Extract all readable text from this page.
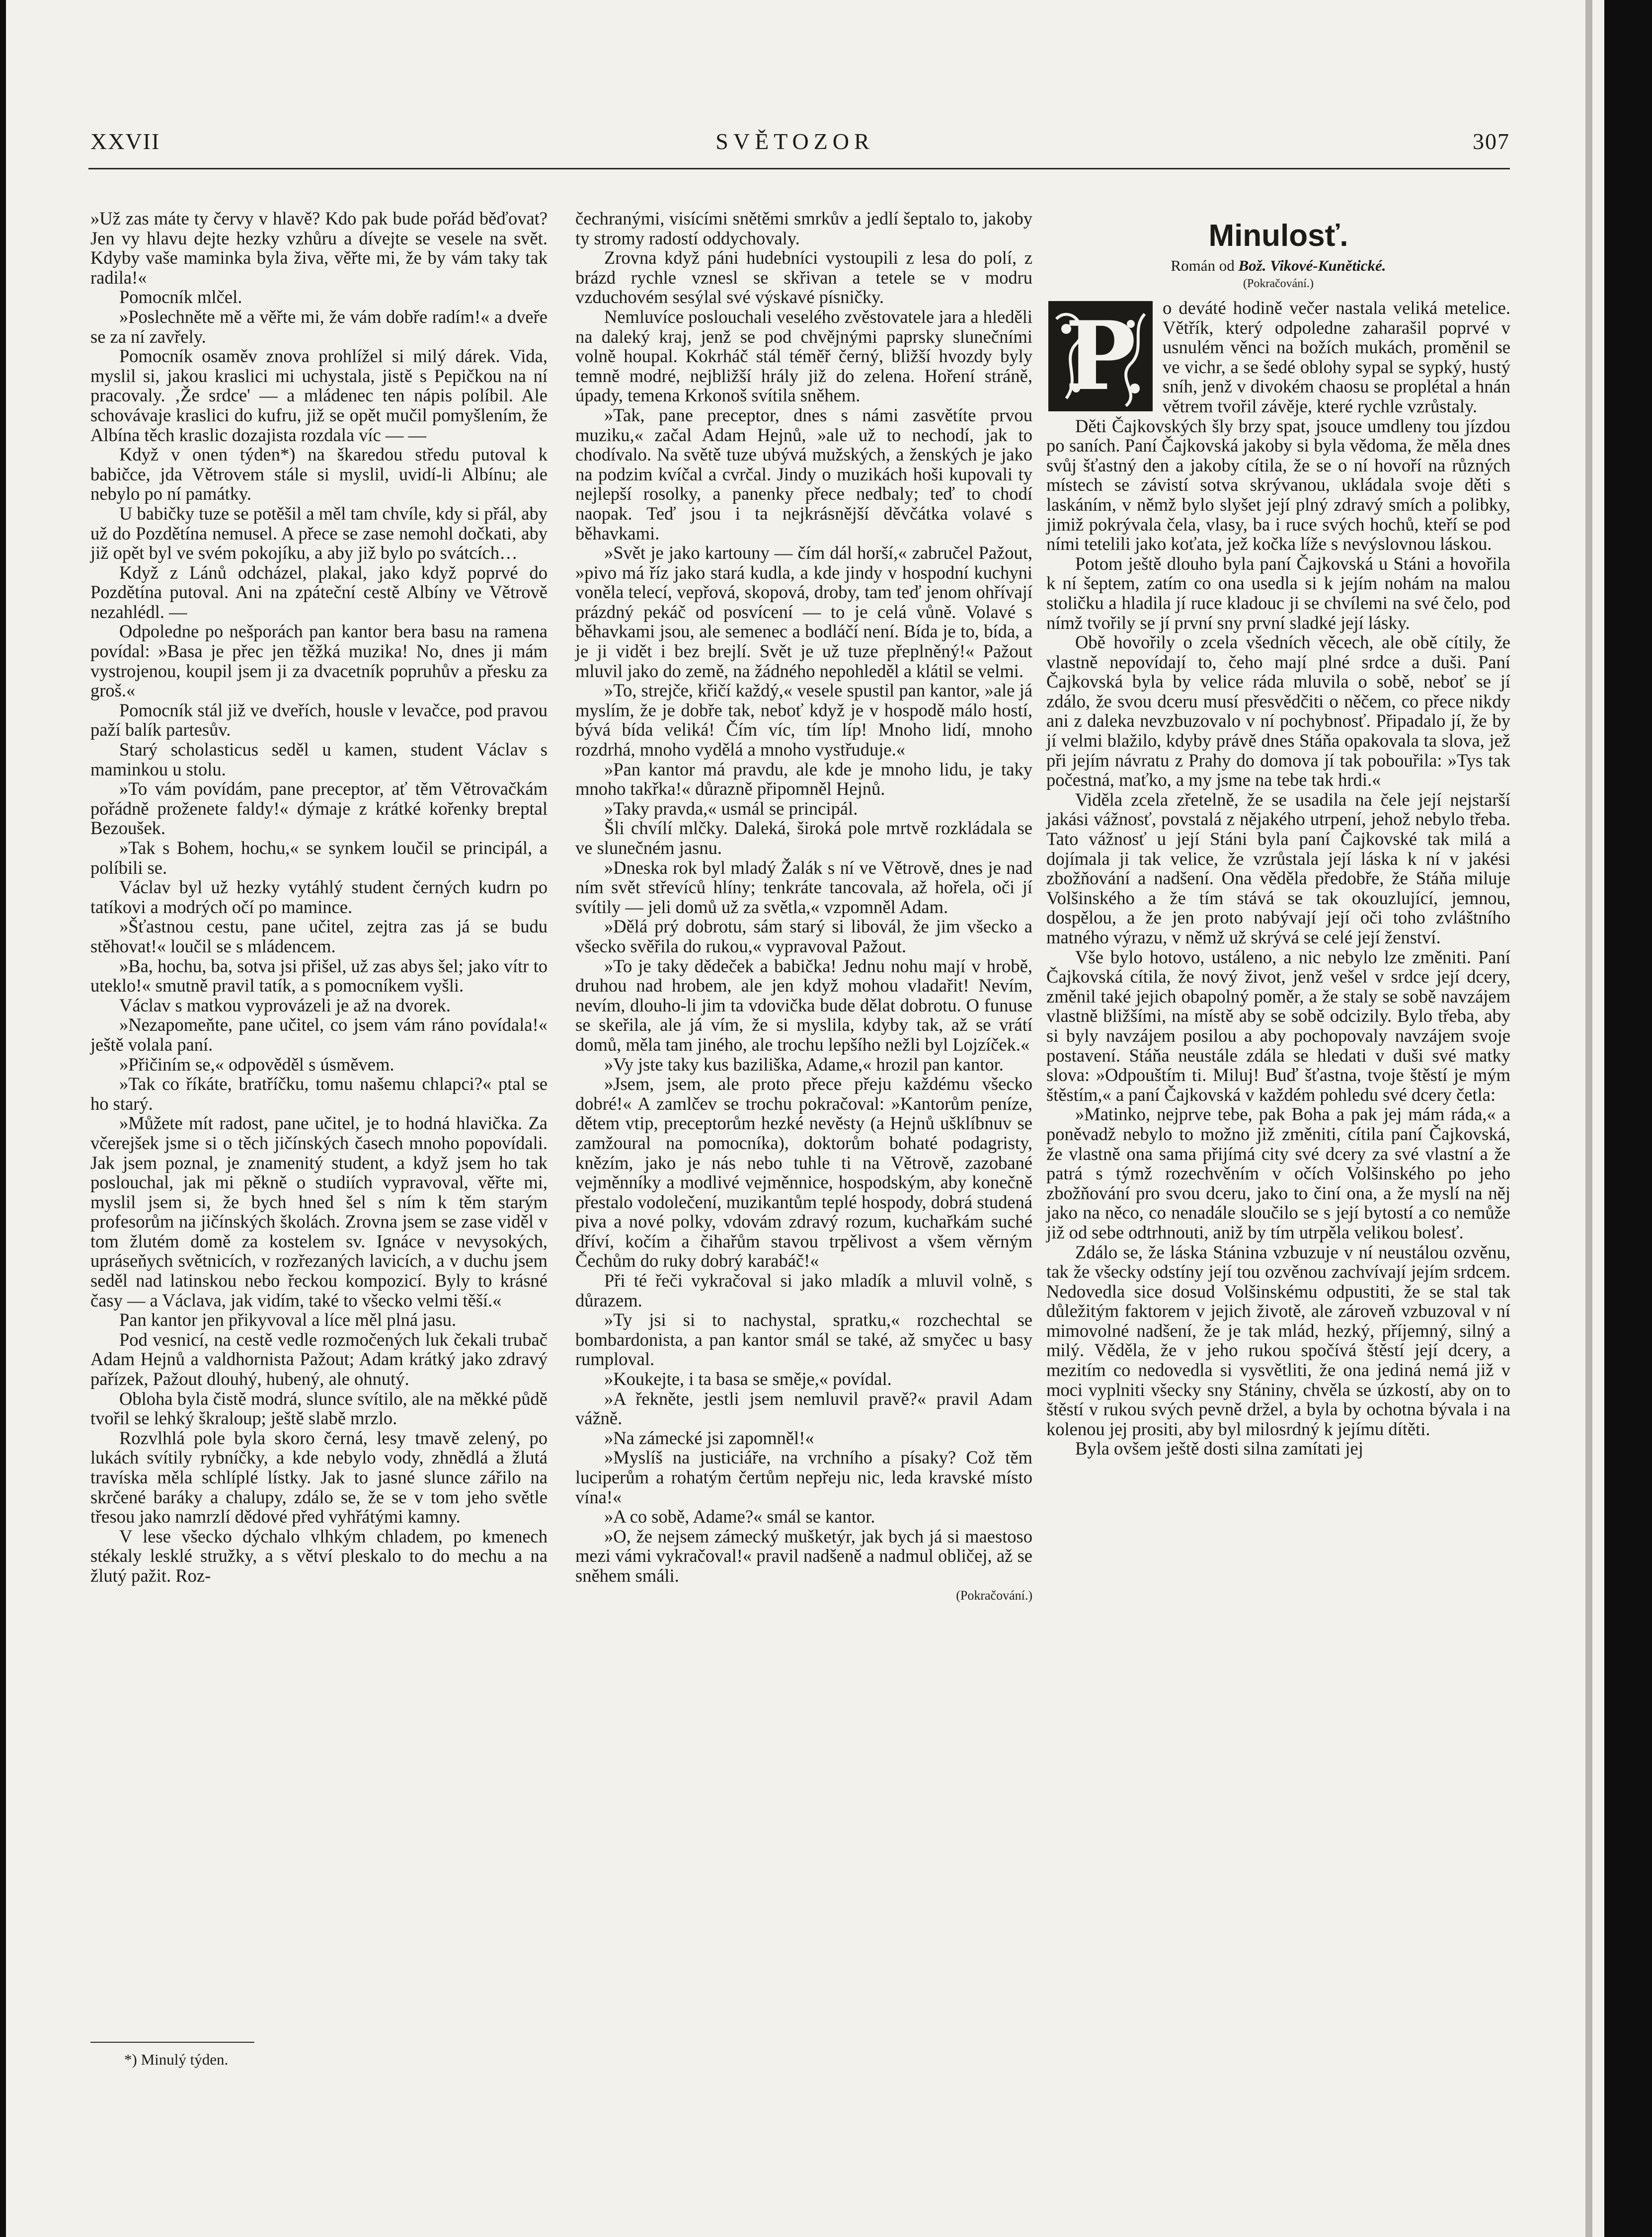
XXVII	SVĚTOZOR	307

»Už zas máte ty červy v hlavě? Kdo pak bude pořád běďovat? Jen vy hlavu dejte hezky vzhůru a dívejte se vesele na svět. Kdyby vaše maminka byla živa, věřte mi, že by vám taky tak radila!«

Pomocník mlčel.

»Poslechněte mě a věřte mi, že vám dobře radím!« a dveře se za ní zavřely.

Pomocník osaměv znova prohlížel si milý dárek. Vida, myslil si, jakou kraslici mi uchystala, jistě s Pepičkou na ní pracovaly. ‚Že srdce' — a mládenec ten nápis políbil. Ale schovávaje kraslici do kufru, již se opět mučil pomyšlením, že Albína těch kraslic dozajista rozdala víc — —

Když v onen týden*) na škaredou středu putoval k babičce, jda Větrovem stále si myslil, uvidí-li Albínu; ale nebylo po ní památky.

U babičky tuze se potěšil a měl tam chvíle, kdy si přál, aby už do Pozdětína nemusel. A přece se zase nemohl dočkati, aby již opět byl ve svém pokojíku, a aby již bylo po svátcích…

Když z Lánů odcházel, plakal, jako když poprvé do Pozdětína putoval. Ani na zpáteční cestě Albíny ve Větrově nezahlédl. —

Odpoledne po nešporách pan kantor bera basu na ramena povídal: »Basa je přec jen těžká muzika! No, dnes ji mám vystrojenou, koupil jsem ji za dvacetník popruhův a přesku za groš.«

Pomocník stál již ve dveřích, housle v levačce, pod pravou paží balík partesův.

Starý scholasticus seděl u kamen, student Václav s maminkou u stolu.

»To vám povídám, pane preceptor, ať těm Větrovačkám pořádně proženete faldy!« dýmaje z krátké kořenky breptal Bezoušek.

»Tak s Bohem, hochu,« se synkem loučil se principál, a políbili se.

Václav byl už hezky vytáhlý student černých kudrn po tatíkovi a modrých očí po mamince.

»Šťastnou cestu, pane učitel, zejtra zas já se budu stěhovat!« loučil se s mládencem.

»Ba, hochu, ba, sotva jsi přišel, už zas abys šel; jako vítr to uteklo!« smutně pravil tatík, a s pomocníkem vyšli.

Václav s matkou vyprovázeli je až na dvorek.

»Nezapomeňte, pane učitel, co jsem vám ráno povídala!« ještě volala paní.

»Přičiním se,« odpověděl s úsměvem.

»Tak co říkáte, bratříčku, tomu našemu chlapci?« ptal se ho starý.

»Můžete mít radost, pane učitel, je to hodná hlavička. Za včerejšek jsme si o těch jičínských časech mnoho popovídali. Jak jsem poznal, je znamenitý student, a když jsem ho tak poslouchal, jak mi pěkně o studiích vypravoval, věřte mi, myslil jsem si, že bych hned šel s ním k těm starým profesorům na jičínských školách. Zrovna jsem se zase viděl v tom žlutém domě za kostelem sv. Ignáce v nevysokých, upráseňych světnicích, v rozřezaných lavicích, a v duchu jsem seděl nad latinskou nebo řeckou kompozicí. Byly to krásné časy — a Václava, jak vidím, také to všecko velmi těší.«

Pan kantor jen přikyvoval a líce měl plná jasu.

Pod vesnicí, na cestě vedle rozmočených luk čekali trubač Adam Hejnů a valdhornista Pažout; Adam krátký jako zdravý pařízek, Pažout dlouhý, hubený, ale ohnutý.

Obloha byla čistě modrá, slunce svítilo, ale na měkké půdě tvořil se lehký škraloup; ještě slabě mrzlo.

Rozvlhlá pole byla skoro černá, lesy tmavě zelený, po lukách svítily rybníčky, a kde nebylo vody, zhnědlá a žlutá travíska měla schlíplé lístky. Jak to jasné slunce zářilo na skrčené baráky a chalupy, zdálo se, že se v tom jeho světle třesou jako namrzlí dědové před vyhřátými kamny.

V lese všecko dýchalo vlhkým chladem, po kmenech stékaly lesklé stružky, a s větví pleskalo to do mechu a na žlutý pažit. Roz-

*) Minulý týden.

čechranými, visícími snětěmi smrkův a jedlí šeptalo to, jakoby ty stromy radostí oddychovaly.

Zrovna když páni hudebníci vystoupili z lesa do polí, z brázd rychle vznesl se skřivan a tetele se v modru vzduchovém sesýlal své výskavé písničky.

Nemluvíce poslouchali veselého zvěstovatele jara a hleděli na daleký kraj, jenž se pod chvějnými paprsky slunečními volně houpal. Kokrháč stál téměř černý, bližší hvozdy byly temně modré, nejbližší hrály již do zelena. Hoření stráně, úpady, temena Krkonoš svítila sněhem.

»Tak, pane preceptor, dnes s námi zasvětíte prvou muziku,« začal Adam Hejnů, »ale už to nechodí, jak to chodívalo. Na světě tuze ubývá mužských, a ženských je jako na podzim kvíčal a cvrčal. Jindy o muzikách hoši kupovali ty nejlepší rosolky, a panenky přece nedbaly; teď to chodí naopak. Teď jsou i ta nejkrásnější děvčátka volavé s běhavkami.

»Svět je jako kartouny — čím dál horší,« zabručel Pažout, »pivo má říz jako stará kudla, a kde jindy v hospodní kuchyni voněla telecí, vepřová, skopová, droby, tam teď jenom ohřívají prázdný pekáč od posvícení — to je celá vůně. Volavé s běhavkami jsou, ale semenec a bodláčí není. Bída je to, bída, a je ji vidět i bez brejlí. Svět je už tuze přeplněný!« Pažout mluvil jako do země, na žádného nepohleděl a klátil se velmi.

»To, strejče, křičí každý,« vesele spustil pan kantor, »ale já myslím, že je dobře tak, neboť když je v hospodě málo hostí, bývá bída veliká! Čím víc, tím líp! Mnoho lidí, mnoho rozdrhá, mnoho vydělá a mnoho vystřuduje.«

»Pan kantor má pravdu, ale kde je mnoho lidu, je taky mnoho takřka!« důrazně připomněl Hejnů.

»Taky pravda,« usmál se principál.

Šli chvílí mlčky. Daleká, široká pole mrtvě rozkládala se ve slunečném jasnu.

»Dneska rok byl mladý Žalák s ní ve Větrově, dnes je nad ním svět střevíců hlíny; tenkráte tancovala, až hořela, oči jí svítily — jeli domů už za světla,« vzpomněl Adam.

»Dělá prý dobrotu, sám starý si libovál, že jim všecko a všecko svěřila do rukou,« vypravoval Pažout.

»To je taky dědeček a babička! Jednu nohu mají v hrobě, druhou nad hrobem, ale jen když mohou vladařit! Nevím, nevím, dlouho-li jim ta vdovička bude dělat dobrotu. O funuse se skeřila, ale já vím, že si myslila, kdyby tak, až se vrátí domů, měla tam jiného, ale trochu lepšího nežli byl Lojzíček.«

»Vy jste taky kus baziliška, Adame,« hrozil pan kantor.

»Jsem, jsem, ale proto přece přeju každému všecko dobré!« A zamlčev se trochu pokračoval: »Kantorům peníze, dětem vtip, preceptorům hezké nevěsty (a Hejnů ušklíbnuv se zamžoural na pomocníka), doktorům bohaté podagristy, knězím, jako je nás nebo tuhle ti na Větrově, zazobané vejměnníky a modlivé vejměnnice, hospodským, aby konečně přestalo vodolečení, muzikantům teplé hospody, dobrá studená piva a nové polky, vdovám zdravý rozum, kuchařkám suché dříví, kočím a čihařům stavou trpělivost a všem věrným Čechům do ruky dobrý karabáč!«

Při té řeči vykračoval si jako mladík a mluvil volně, s důrazem.

»Ty jsi si to nachystal, spratku,« rozchechtal se bombardonista, a pan kantor smál se také, až smyčec u basy rumploval.

»Koukejte, i ta basa se směje,« povídal.

»A řekněte, jestli jsem nemluvil pravě?« pravil Adam vážně.

»Na zámecké jsi zapomněl!«

»Myslíš na justiciáře, na vrchního a písaky? Což těm luciperům a rohatým čertům nepřeju nic, leda kravské místo vína!«

»A co sobě, Adame?« smál se kantor.

»O, že nejsem zámecký mušketýr, jak bych já si maestoso mezi vámi vykračoval!« pravil nadšeně a nadmul obličej, až se sněhem smáli.

(Pokračování.)
Minulosť.
Román od Bož. Vikové-Kunětické.
(Pokračování.)
P	o deváté hodině večer nastala veliká metelice. Větřík, který odpoledne zaharašil poprvé v usnulém věnci na božích mukách, proměnil se ve vichr, a se šedé oblohy sypal se sypký, hustý sníh, jenž v divokém chaosu se proplétal a hnán větrem tvořil závěje, které rychle vzrůstaly.

Děti Čajkovských šly brzy spat, jsouce umdleny tou jízdou po saních. Paní Čajkovská jakoby si byla vědoma, že měla dnes svůj šťastný den a jakoby cítila, že se o ní hovoří na různých místech se závistí sotva skrývanou, ukládala svoje děti s laskáním, v němž bylo slyšet její plný zdravý smích a polibky, jimiž pokrývala čela, vlasy, ba i ruce svých hochů, kteří se pod ními tetelili jako koťata, jež kočka líže s nevýslovnou láskou.

Potom ještě dlouho byla paní Čajkovská u Stáni a hovořila k ní šeptem, zatím co ona usedla si k jejím nohám na malou stoličku a hladila jí ruce kladouc ji se chvílemi na své čelo, pod nímž tvořily se jí první sny první sladké její lásky.

Obě hovořily o zcela všedních věcech, ale obě cítily, že vlastně nepovídají to, čeho mají plné srdce a duši. Paní Čajkovská byla by velice ráda mluvila o sobě, neboť se jí zdálo, že svou dceru musí přesvědčiti o něčem, co přece nikdy ani z daleka nevzbuzovalo v ní pochybnosť. Připadalo jí, že by jí velmi blažilo, kdyby právě dnes Stáňa opakovala ta slova, jež při jejím návratu z Prahy do domova jí tak pobouřila: »Tys tak počestná, maťko, a my jsme na tebe tak hrdi.«

Viděla zcela zřetelně, že se usadila na čele její nejstarší jakási vážnosť, povstalá z nějakého utrpení, jehož nebylo třeba. Tato vážnosť u její Stáni byla paní Čajkovské tak milá a dojímala ji tak velice, že vzrůstala její láska k ní v jakési zbožňování a nadšení. Ona věděla předobře, že Stáňa miluje Volšinského a že tím stává se tak okouzlující, jemnou, dospělou, a že jen proto nabývají její oči toho zvláštního matného výrazu, v němž už skrývá se celé její ženství.

Vše bylo hotovo, ustáleno, a nic nebylo lze změniti. Paní Čajkovská cítila, že nový život, jenž vešel v srdce její dcery, změnil také jejich obapolný poměr, a že staly se sobě navzájem vlastně bližšími, na místě aby se sobě odcizily. Bylo třeba, aby si byly navzájem posilou a aby pochopovaly navzájem svoje postavení. Stáňa neustále zdála se hledati v duši své matky slova: »Odpouštím ti. Miluj! Buď šťastna, tvoje štěstí je mým štěstím,« a paní Čajkovská v každém pohledu své dcery četla:

»Matinko, nejprve tebe, pak Boha a pak jej mám ráda,« a poněvadž nebylo to možno již změniti, cítila paní Čajkovská, že vlastně ona sama přijímá city své dcery za své vlastní a že patrá s týmž rozechvěním v očích Volšinského po jeho zbožňování pro svou dceru, jako to činí ona, a že myslí na něj jako na něco, co nenadále sloučilo se s její bytostí a co nemůže již od sebe odtrhnouti, aniž by tím utrpěla velikou bolesť.

Zdálo se, že láska Stánina vzbuzuje v ní neustálou ozvěnu, tak že všecky odstíny její tou ozvěnou zachvívají jejím srdcem. Nedovedla sice dosud Volšinskému odpustiti, že se stal tak důležitým faktorem v jejich životě, ale zároveň vzbuzoval v ní mimovolné nadšení, že je tak mlád, hezký, příjemný, silný a milý. Věděla, že v jeho rukou spočívá štěstí její dcery, a mezitím co nedovedla si vysvětliti, že ona jediná nemá již v moci vyplniti všecky sny Stániny, chvěla se úzkostí, aby on to štěstí v rukou svých pevně držel, a byla by ochotna bývala i na kolenou jej prositi, aby byl milosrdný k jejímu dítěti.

Byla ovšem ještě dosti silna zamítati jej
